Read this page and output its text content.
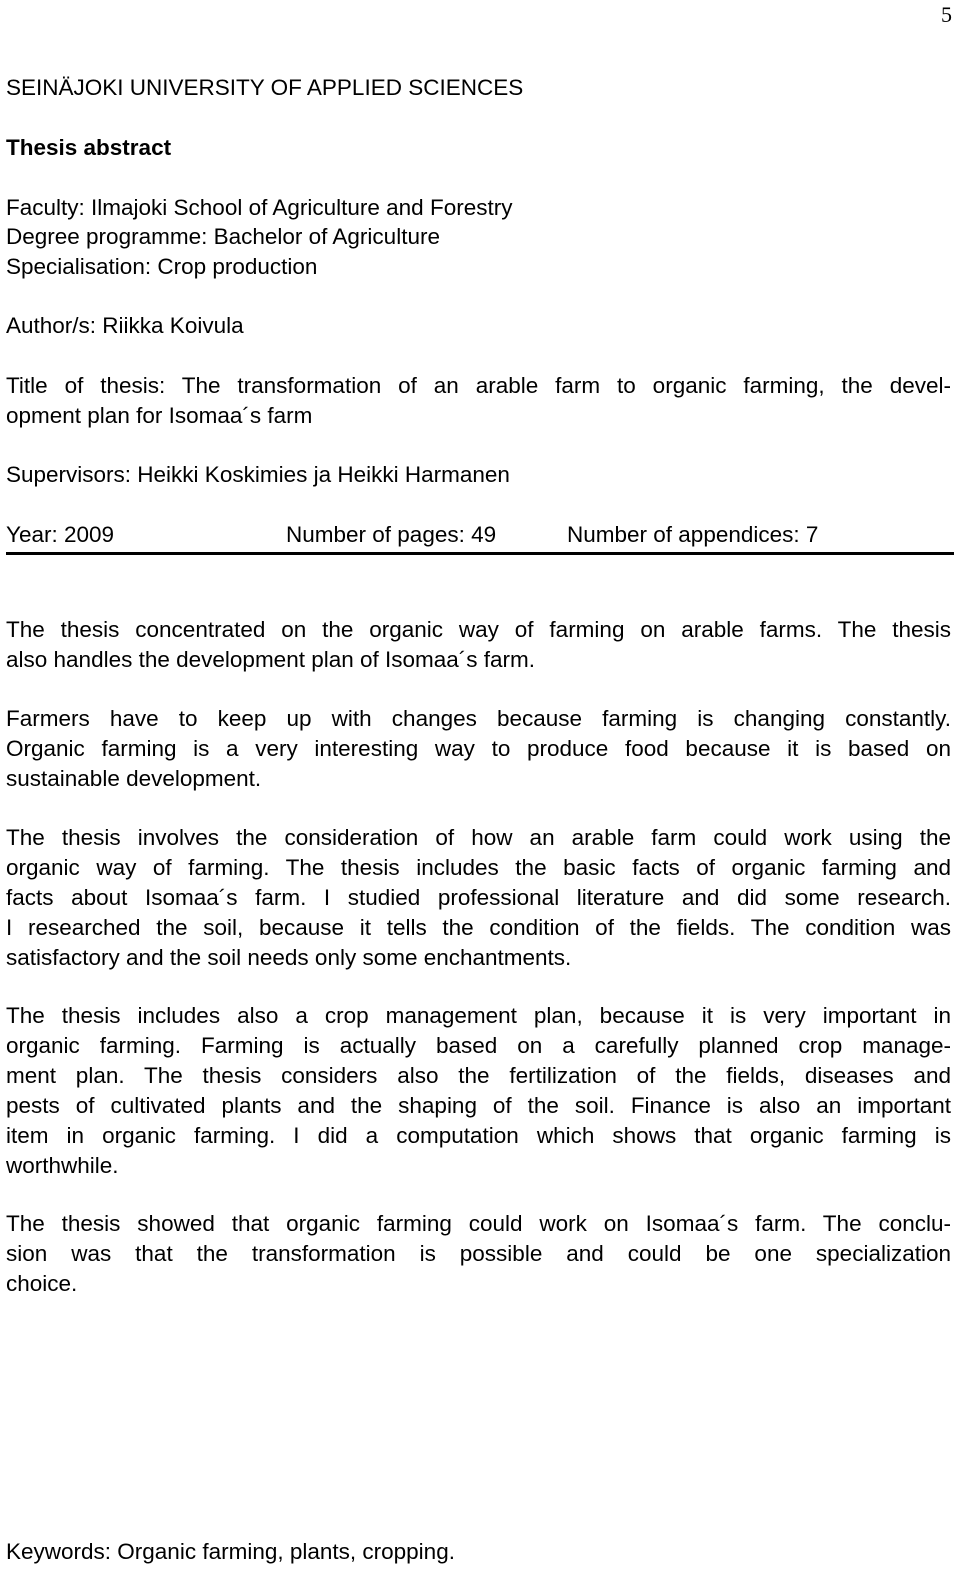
5
SEINÄJOKI UNIVERSITY OF APPLIED SCIENCES
Thesis abstract
Faculty: Ilmajoki School of Agriculture and Forestry
Degree programme: Bachelor of Agriculture
Specialisation: Crop production
Author/s: Riikka Koivula

Title of thesis: The transformation of an arable farm to organic farming, the devel-

opment plan for Isomaa´s farm

Supervisors: Heikki Koskimies ja Heikki Harmanen
Year: 2009	Number of pages: 49	Number of appendices: 7

The thesis concentrated on the organic way of farming on arable farms. The thesis

also handles the development plan of Isomaa´s farm.

Farmers have to keep up with changes because farming is changing constantly.

Organic farming is a very interesting way to produce food because it is based on

sustainable development.

The thesis involves the consideration of how an arable farm could work using the

organic way of farming. The thesis includes the basic facts of organic farming and

facts about Isomaa´s farm. I studied professional literature and did some research.

I researched the soil, because it tells the condition of the fields. The condition was

satisfactory and the soil needs only some enchantments.

The thesis includes also a crop management plan, because it is very important in

organic farming. Farming is actually based on a carefully planned crop manage-

ment plan. The thesis considers also the fertilization of the fields, diseases and

pests of cultivated plants and the shaping of the soil. Finance is also an important

item in organic farming. I did a computation which shows that organic farming is

worthwhile.

The thesis showed that organic farming could work on Isomaa´s farm. The conclu-

sion was that the transformation is possible and could be one specialization

choice.

Keywords: Organic farming, plants, cropping.
